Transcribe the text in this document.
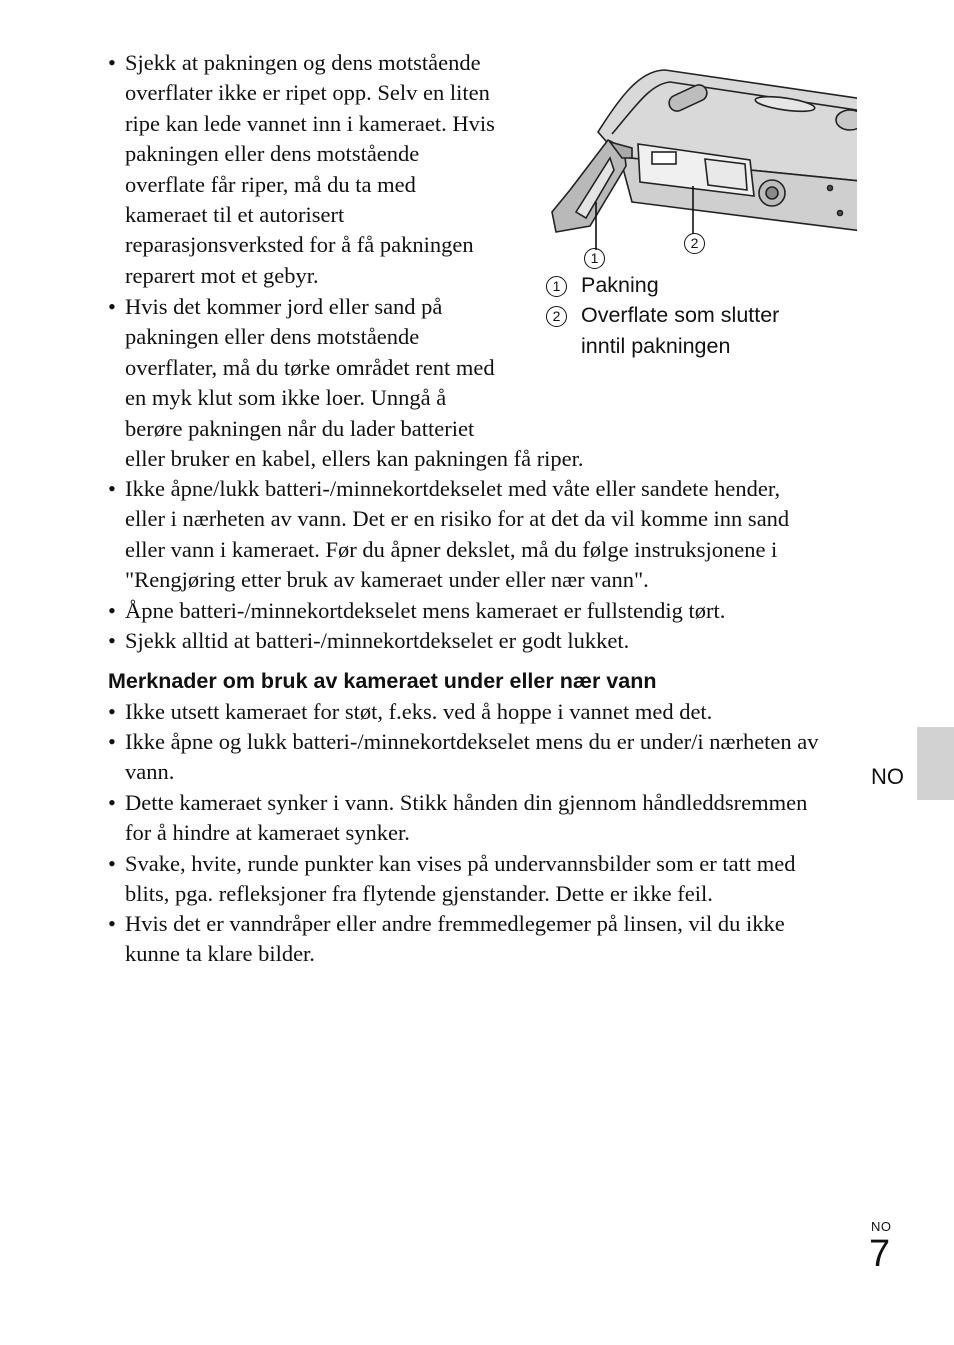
• Sjekk at pakningen og dens motstående
overflater ikke er ripet opp. Selv en liten
ripe kan lede vannet inn i kameraet. Hvis
pakningen eller dens motstående
overflate får riper, må du ta med
kameraet til et autorisert
reparasjonsverksted for å få pakningen
reparert mot et gebyr.
• Hvis det kommer jord eller sand på
pakningen eller dens motstående
overflater, må du tørke området rent med
en myk klut som ikke loer. Unngå å
berøre pakningen når du lader batteriet
eller bruker en kabel, ellers kan pakningen få riper.
• Ikke åpne/lukk batteri-/minnekortdekselet med våte eller sandete hender,
eller i nærheten av vann. Det er en risiko for at det da vil komme inn sand
eller vann i kameraet. Før du åpner dekslet, må du følge instruksjonene i
"Rengjøring etter bruk av kameraet under eller nær vann".
• Åpne batteri-/minnekortdekselet mens kameraet er fullstendig tørt.
• Sjekk alltid at batteri-/minnekortdekselet er godt lukket.
1
2
1 Pakning
2 Overflate som slutter
inntil pakningen
Merknader om bruk av kameraet under eller nær vann
• Ikke utsett kameraet for støt, f.eks. ved å hoppe i vannet med det.
• Ikke åpne og lukk batteri-/minnekortdekselet mens du er under/i nærheten av
vann.
• Dette kameraet synker i vann. Stikk hånden din gjennom håndleddsremmen
for å hindre at kameraet synker.
• Svake, hvite, runde punkter kan vises på undervannsbilder som er tatt med
blits, pga. refleksjoner fra flytende gjenstander. Dette er ikke feil.
• Hvis det er vanndråper eller andre fremmedlegemer på linsen, vil du ikke
kunne ta klare bilder.
NO
NO
7
